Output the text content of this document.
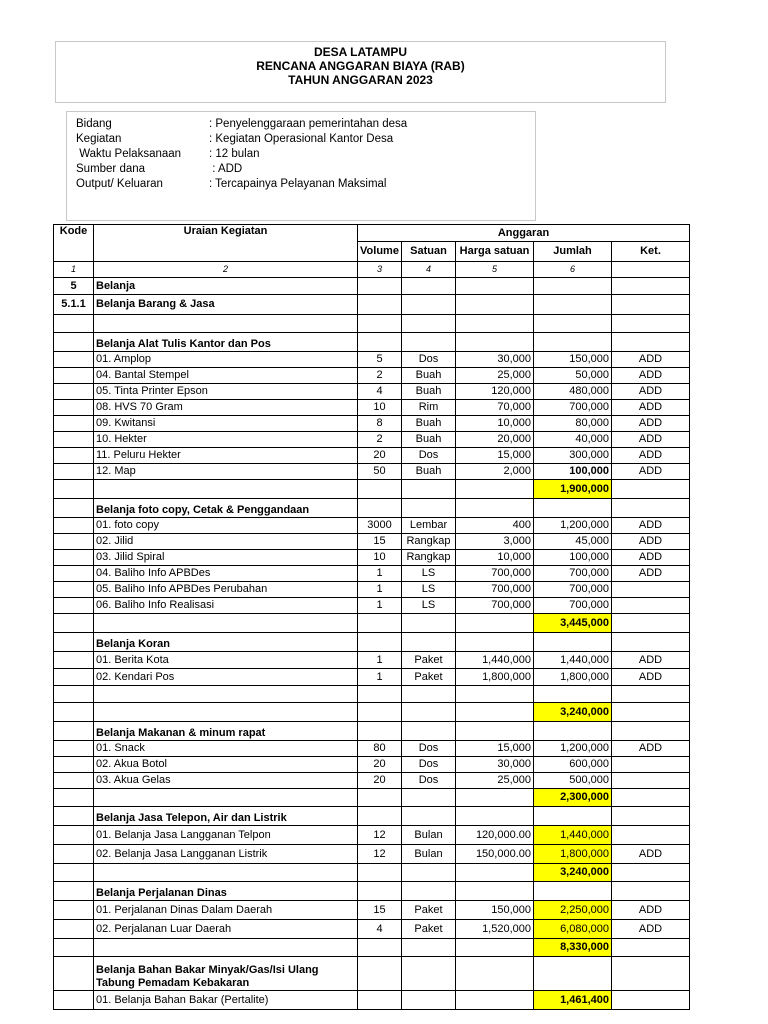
DESA LATAMPU
RENCANA ANGGARAN BIAYA (RAB)
TAHUN ANGGARAN 2023
Bidang	: Penyelenggaraan pemerintahan desa
Kegiatan	: Kegiatan Operasional Kantor Desa
Waktu Pelaksanaan : 12 bulan
Sumber dana	: ADD
Output/ Keluaran	: Tercapainya Pelayanan Maksimal
Kode	Uraian Kegiatan	Anggaran				
		Volume	Satuan	Harga satuan	Jumlah	Ket.
1	2	3	4	5	6	
5	Belanja					
5.1.1	Belanja Barang & Jasa					

	Belanja Alat Tulis Kantor dan Pos					
	01. Amplop	5	Dos	30,000	150,000	ADD
	04. Bantal Stempel	2	Buah	25,000	50,000	ADD
	05. Tinta Printer Epson	4	Buah	120,000	480,000	ADD
	08. HVS 70 Gram	10	Rim	70,000	700,000	ADD
	09. Kwitansi	8	Buah	10,000	80,000	ADD
	10. Hekter	2	Buah	20,000	40,000	ADD
	11. Peluru Hekter	20	Dos	15,000	300,000	ADD
	12. Map	50	Buah	2,000	100,000	ADD
					1,900,000	
	Belanja foto copy, Cetak & Penggandaan					
	01. foto copy	3000	Lembar	400	1,200,000	ADD
	02. Jilid	15	Rangkap	3,000	45,000	ADD
	03. Jilid Spiral	10	Rangkap	10,000	100,000	ADD
	04. Baliho Info APBDes	1	LS	700,000	700,000	ADD
	05. Baliho Info APBDes Perubahan	1	LS	700,000	700,000	
	06. Baliho Info Realisasi	1	LS	700,000	700,000	
					3,445,000	
	Belanja Koran					
	01. Berita Kota	1	Paket	1,440,000	1,440,000	ADD
	02. Kendari Pos	1	Paket	1,800,000	1,800,000	ADD

					3,240,000	
	Belanja Makanan & minum rapat					
	01. Snack	80	Dos	15,000	1,200,000	ADD
	02. Akua Botol	20	Dos	30,000	600,000	
	03. Akua Gelas	20	Dos	25,000	500,000	
					2,300,000	
	Belanja Jasa Telepon, Air dan Listrik					
	01. Belanja Jasa Langganan Telpon	12	Bulan	120,000.00	1,440,000	
	02. Belanja Jasa Langganan Listrik	12	Bulan	150,000.00	1,800,000	ADD
					3,240,000	
	Belanja Perjalanan Dinas					
	01. Perjalanan Dinas Dalam Daerah	15	Paket	150,000	2,250,000	ADD
	02. Perjalanan Luar Daerah	4	Paket	1,520,000	6,080,000	ADD
					8,330,000	

	Belanja Bahan Bakar Minyak/Gas/Isi Ulang
Tabung Pemadam Kebakaran					

	01. Belanja Bahan Bakar (Pertalite)				1,461,400	
